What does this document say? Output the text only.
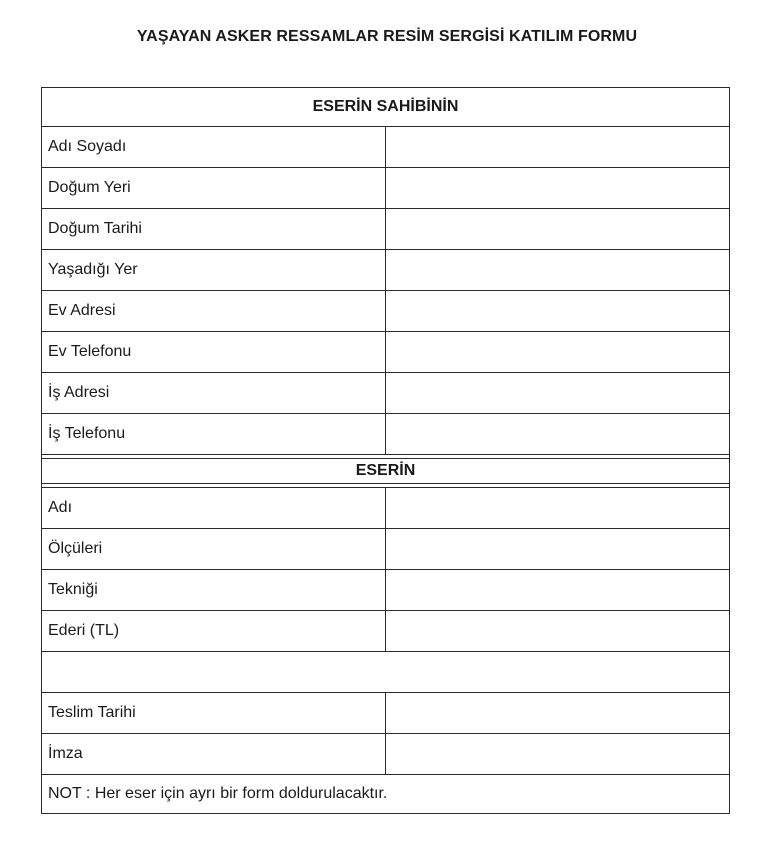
YAŞAYAN ASKER RESSAMLAR RESİM SERGİSİ KATILIM FORMU
ESERİN SAHİBİNİN	
Adı Soyadı	
Doğum Yeri	
Doğum Tarihi	
Yaşadığı Yer	
Ev Adresi	
Ev Telefonu	
İş Adresi	
İş Telefonu	

ESERİN	

Adı	
Ölçüleri	
Tekniği	
Ederi (TL)	

Teslim Tarihi	
İmza	
NOT : Her eser için ayrı bir form doldurulacaktır.	
